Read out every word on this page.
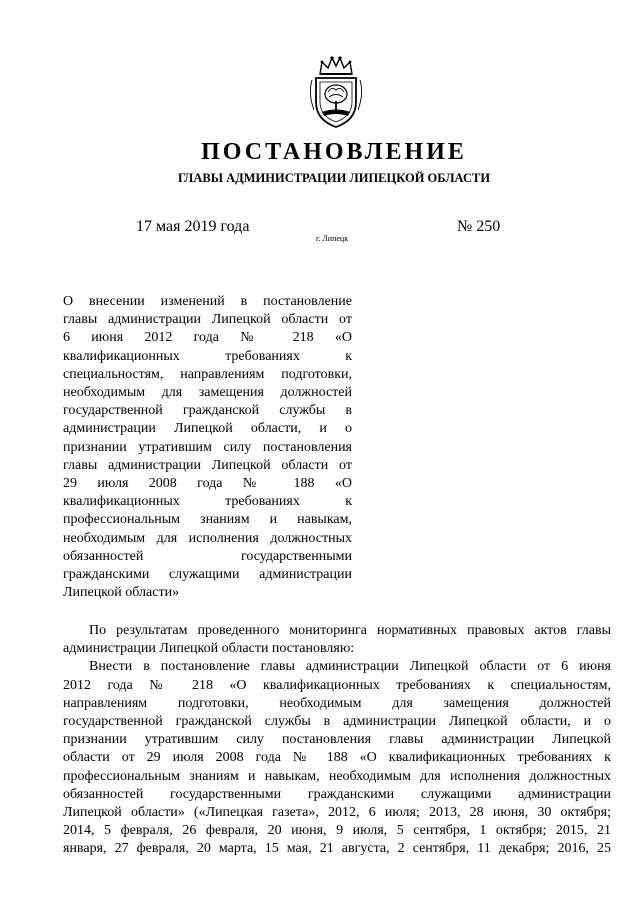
ПОСТАНОВЛЕНИЕ
ГЛАВЫ АДМИНИСТРАЦИИ ЛИПЕЦКОЙ ОБЛАСТИ
17 мая 2019 года
г. Липецк
№ 250
О внесении изменений в постановление
главы администрации Липецкой области от
6 июня 2012 года № 218 «О
квалификационных требованиях к
специальностям, направлениям подготовки,
необходимым для замещения должностей
государственной гражданской службы в
администрации Липецкой области, и о
признании утратившим силу постановления
главы администрации Липецкой области от
29 июля 2008 года № 188 «О
квалификационных требованиях к
профессиональным знаниям и навыкам,
необходимым для исполнения должностных
обязанностей государственными
гражданскими служащими администрации
Липецкой области»
По результатам проведенного мониторинга нормативных правовых актов главы
администрации Липецкой области постановляю:
Внести в постановление главы администрации Липецкой области от 6 июня
2012 года № 218 «О квалификационных требованиях к специальностям,
направлениям подготовки, необходимым для замещения должностей
государственной гражданской службы в администрации Липецкой области, и о
признании утратившим силу постановления главы администрации Липецкой
области от 29 июля 2008 года № 188 «О квалификационных требованиях к
профессиональным знаниям и навыкам, необходимым для исполнения должностных
обязанностей государственными гражданскими служащими администрации
Липецкой области» («Липецкая газета», 2012, 6 июля; 2013, 28 июня, 30 октября;
2014, 5 февраля, 26 февраля, 20 июня, 9 июля, 5 сентября, 1 октября; 2015, 21
января, 27 февраля, 20 марта, 15 мая, 21 августа, 2 сентября, 11 декабря; 2016, 25
